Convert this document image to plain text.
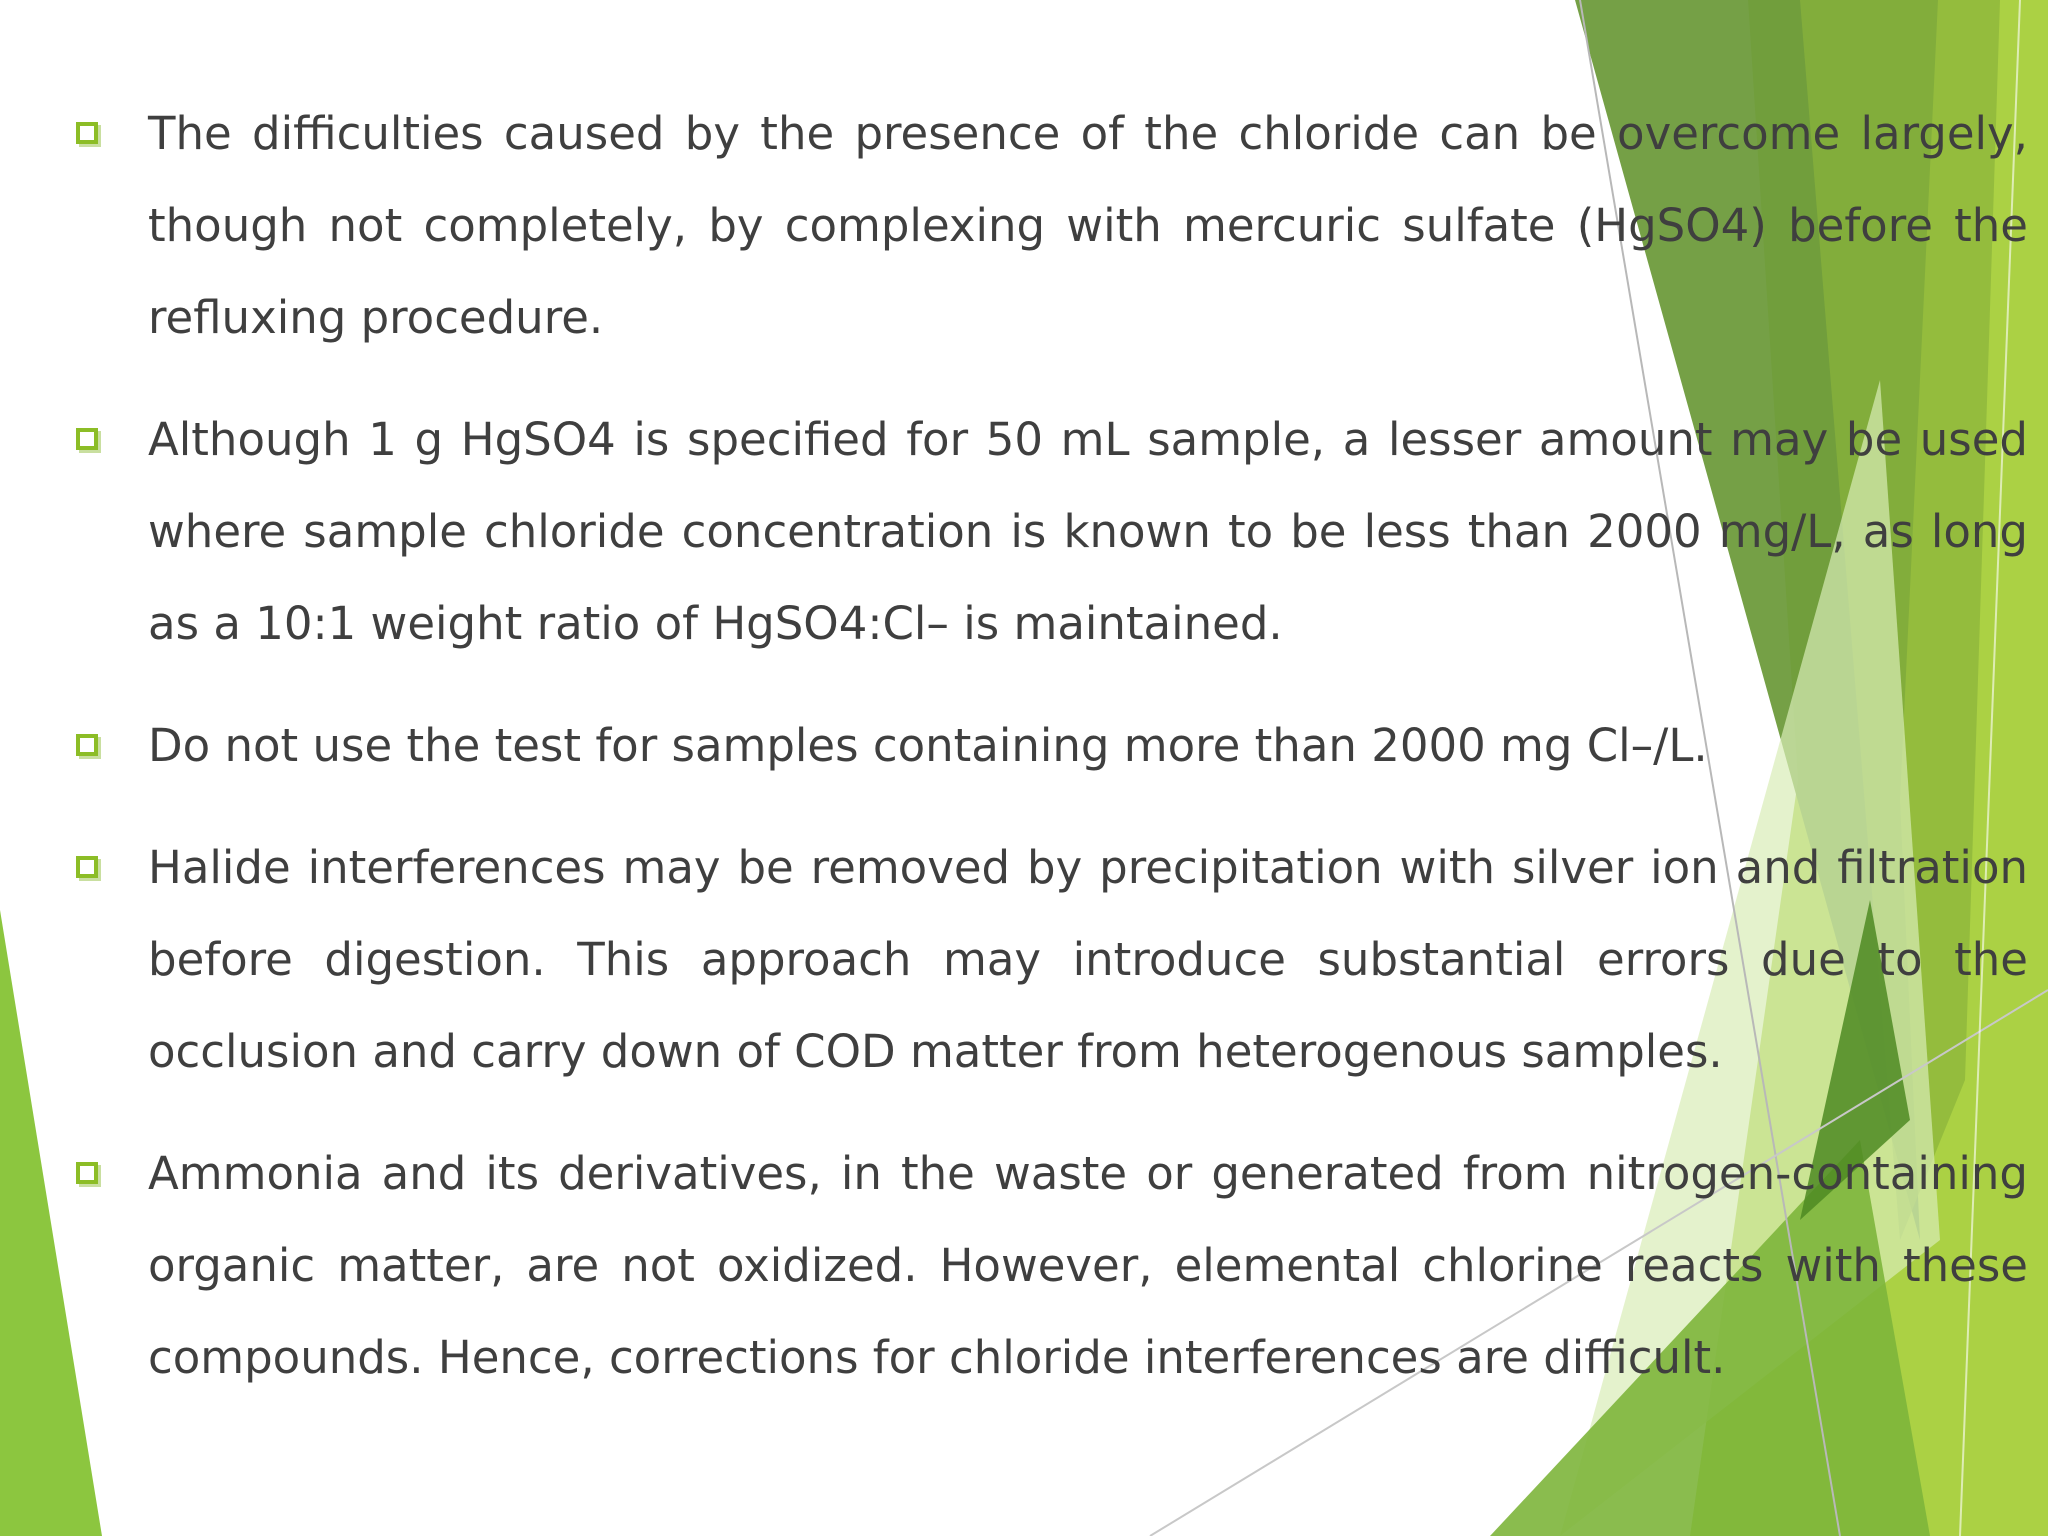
The difficulties caused by the presence of the chloride can be overcome largely, though not completely, by complexing with mercuric sulfate (HgSO4) before the refluxing procedure.
Although 1 g HgSO4 is specified for 50 mL sample, a lesser amount may be used where sample chloride concentration is known to be less than 2000 mg/L, as long as a 10:1 weight ratio of HgSO4:Cl– is maintained.
Do not use the test for samples containing more than 2000 mg Cl–/L.
Halide interferences may be removed by precipitation with silver ion and filtration before digestion. This approach may introduce substantial errors due to the occlusion and carry down of COD matter from heterogenous samples.
Ammonia and its derivatives, in the waste or generated from nitrogen-containing organic matter, are not oxidized. However, elemental chlorine reacts with these compounds. Hence, corrections for chloride interferences are difficult.
